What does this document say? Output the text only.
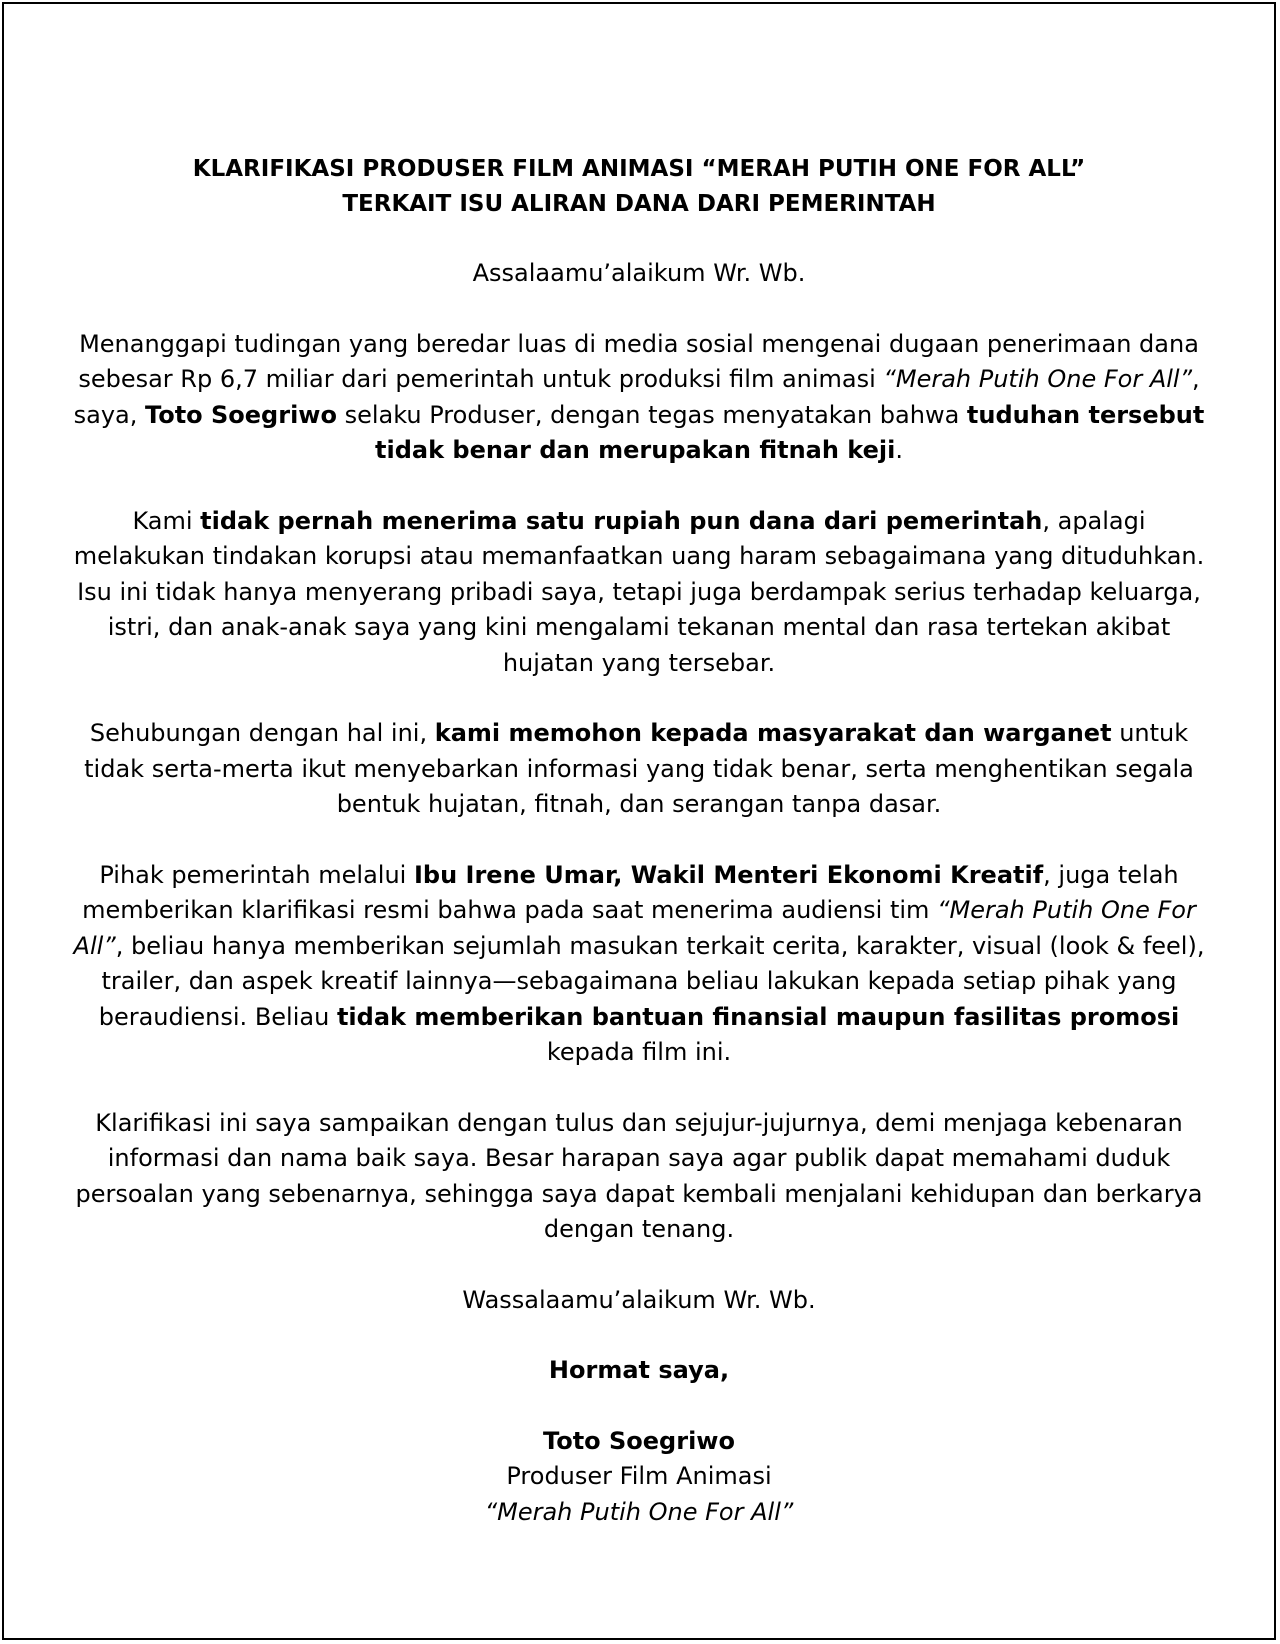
KLARIFIKASI PRODUSER FILM ANIMASI “MERAH PUTIH ONE FOR ALL”
TERKAIT ISU ALIRAN DANA DARI PEMERINTAH

Assalaamu’alaikum Wr. Wb.

Menanggapi tudingan yang beredar luas di media sosial mengenai dugaan penerimaan dana sebesar Rp 6,7 miliar dari pemerintah untuk produksi film animasi “Merah Putih One For All”, saya, Toto Soegriwo selaku Produser, dengan tegas menyatakan bahwa tuduhan tersebut tidak benar dan merupakan fitnah keji.

Kami tidak pernah menerima satu rupiah pun dana dari pemerintah, apalagi melakukan tindakan korupsi atau memanfaatkan uang haram sebagaimana yang dituduhkan. Isu ini tidak hanya menyerang pribadi saya, tetapi juga berdampak serius terhadap keluarga, istri, dan anak-anak saya yang kini mengalami tekanan mental dan rasa tertekan akibat hujatan yang tersebar.

Sehubungan dengan hal ini, kami memohon kepada masyarakat dan warganet untuk tidak serta-merta ikut menyebarkan informasi yang tidak benar, serta menghentikan segala bentuk hujatan, fitnah, dan serangan tanpa dasar.

Pihak pemerintah melalui Ibu Irene Umar, Wakil Menteri Ekonomi Kreatif, juga telah memberikan klarifikasi resmi bahwa pada saat menerima audiensi tim “Merah Putih One For All”, beliau hanya memberikan sejumlah masukan terkait cerita, karakter, visual (look & feel), trailer, dan aspek kreatif lainnya—sebagaimana beliau lakukan kepada setiap pihak yang beraudiensi. Beliau tidak memberikan bantuan finansial maupun fasilitas promosi kepada film ini.

Klarifikasi ini saya sampaikan dengan tulus dan sejujur-jujurnya, demi menjaga kebenaran informasi dan nama baik saya. Besar harapan saya agar publik dapat memahami duduk persoalan yang sebenarnya, sehingga saya dapat kembali menjalani kehidupan dan berkarya dengan tenang.

Wassalaamu’alaikum Wr. Wb.

Hormat saya,

Toto Soegriwo
Produser Film Animasi
“Merah Putih One For All”
